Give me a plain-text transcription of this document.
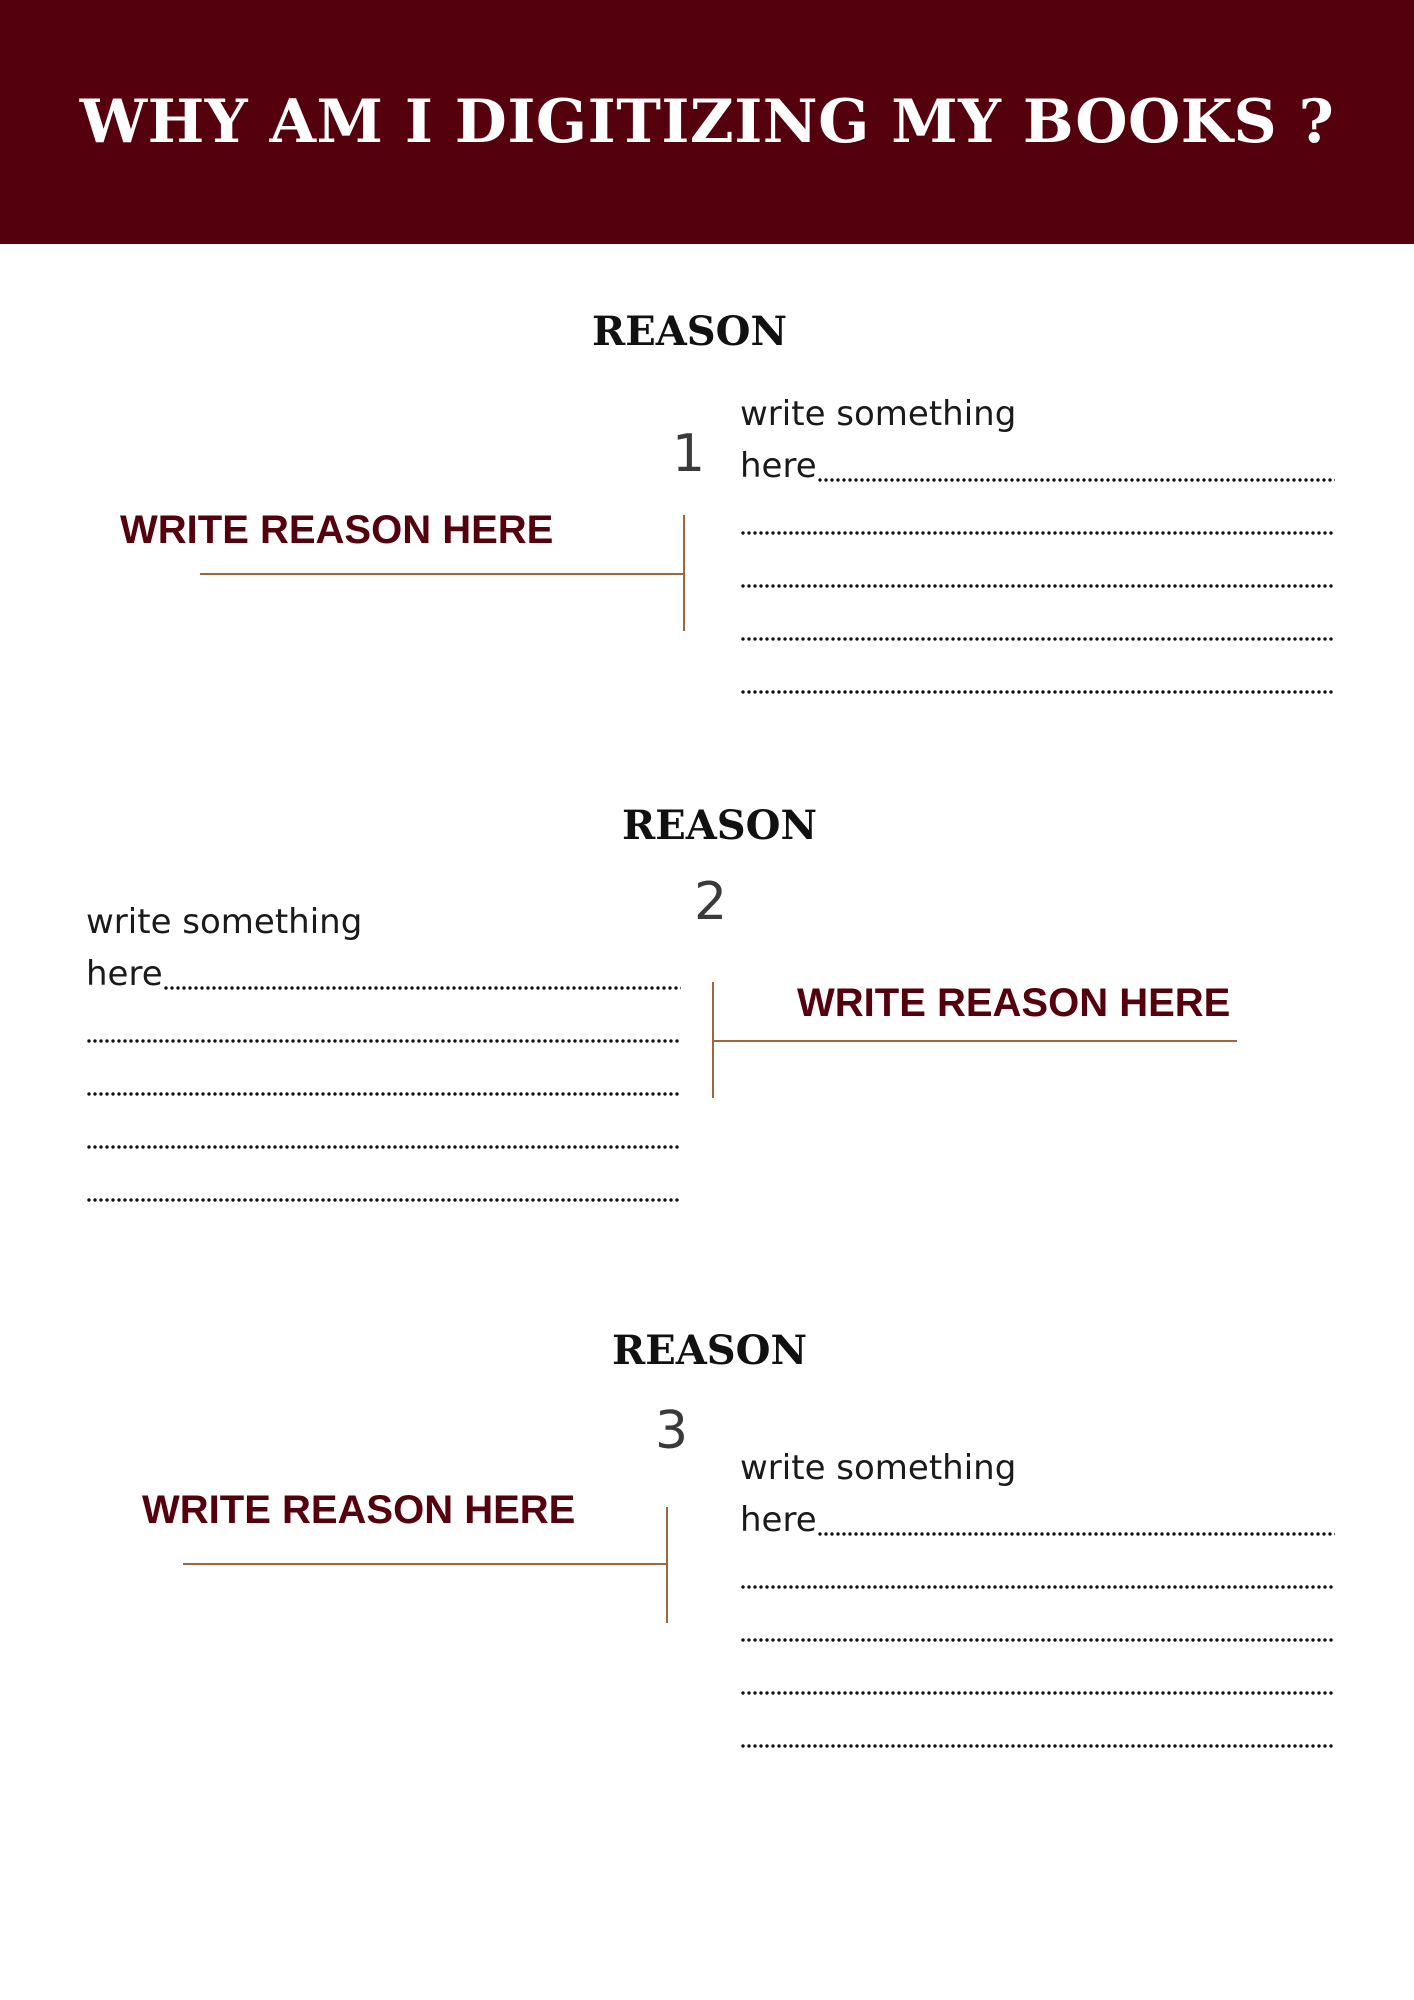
WHY AM I DIGITIZING MY BOOKS ?
REASON
1
WRITE REASON HERE
write something
here
REASON
2
write something
here
WRITE REASON HERE
REASON
3
WRITE REASON HERE
write something
here
